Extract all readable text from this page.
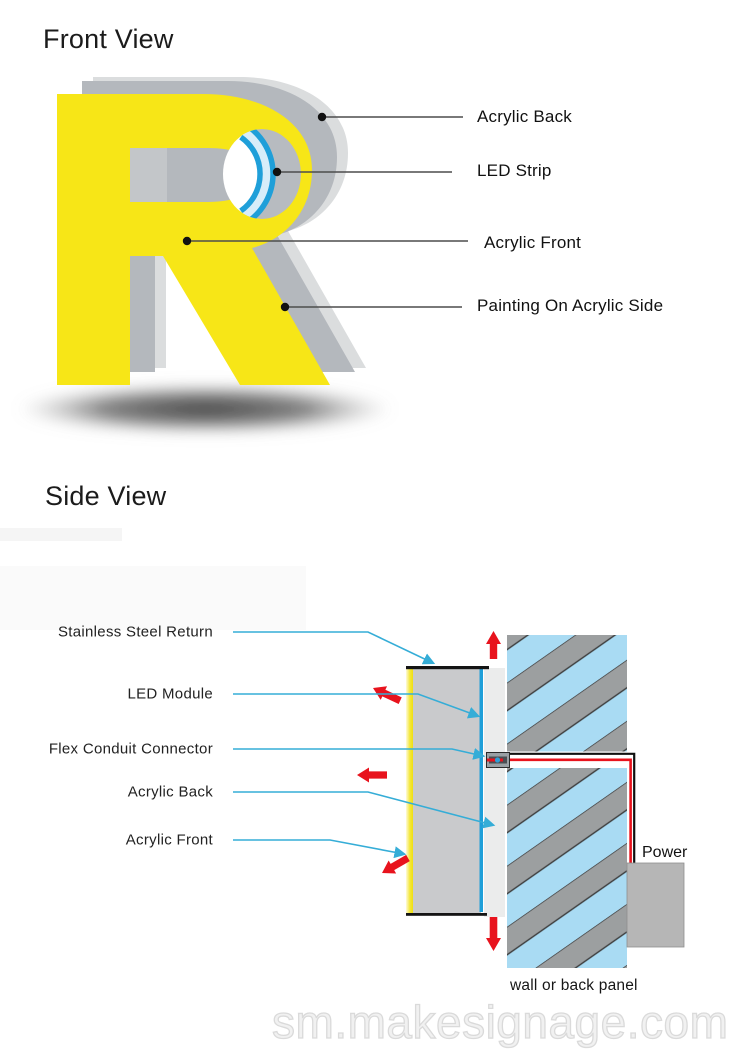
Front View
Acrylic Back
LED Strip
Acrylic Front
Painting On Acrylic Side
Side View
Stainless Steel Return
LED Module
Flex Conduit Connector
Acrylic Back
Acrylic Front
Power
wall or back panel
sm.makesignage.com
